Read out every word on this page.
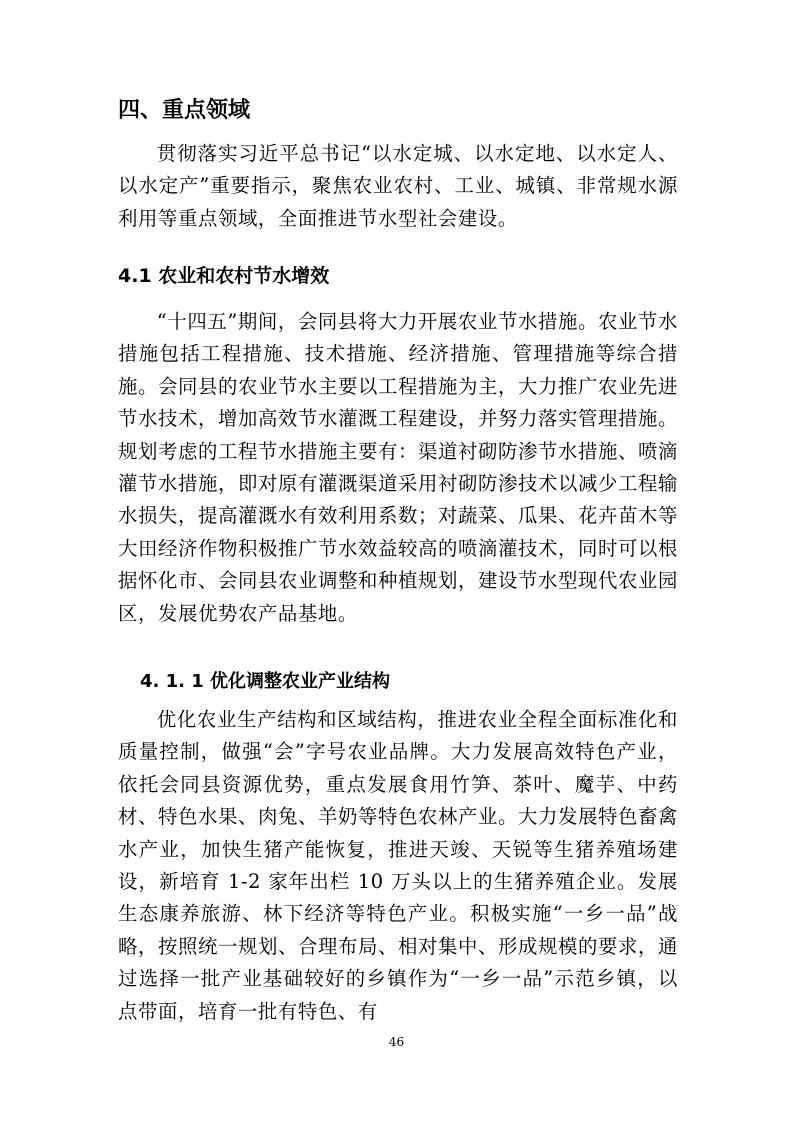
四、重点领域

贯彻落实习近平总书记“以水定城、以水定地、以水定人、以水定产”重要指示，聚焦农业农村、工业、城镇、非常规水源利用等重点领域，全面推进节水型社会建设。

4.1 农业和农村节水增效

“十四五”期间，会同县将大力开展农业节水措施。农业节水措施包括工程措施、技术措施、经济措施、管理措施等综合措施。会同县的农业节水主要以工程措施为主，大力推广农业先进节水技术，增加高效节水灌溉工程建设，并努力落实管理措施。规划考虑的工程节水措施主要有：渠道衬砌防渗节水措施、喷滴灌节水措施，即对原有灌溉渠道采用衬砌防渗技术以减少工程输水损失，提高灌溉水有效利用系数；对蔬菜、瓜果、花卉苗木等大田经济作物积极推广节水效益较高的喷滴灌技术，同时可以根据怀化市、会同县农业调整和种植规划，建设节水型现代农业园区，发展优势农产品基地。

4. 1. 1 优化调整农业产业结构

优化农业生产结构和区域结构，推进农业全程全面标准化和质量控制，做强“会”字号农业品牌。大力发展高效特色产业，依托会同县资源优势，重点发展食用竹笋、茶叶、魔芋、中药材、特色水果、肉兔、羊奶等特色农林产业。大力发展特色畜禽水产业，加快生猪产能恢复，推进天竣、天锐等生猪养殖场建设，新培育 1-2 家年出栏 10 万头以上的生猪养殖企业。发展生态康养旅游、林下经济等特色产业。积极实施“一乡一品”战略，按照统一规划、合理布局、相对集中、形成规模的要求，通过选择一批产业基础较好的乡镇作为“一乡一品”示范乡镇，以点带面，培育一批有特色、有

46
